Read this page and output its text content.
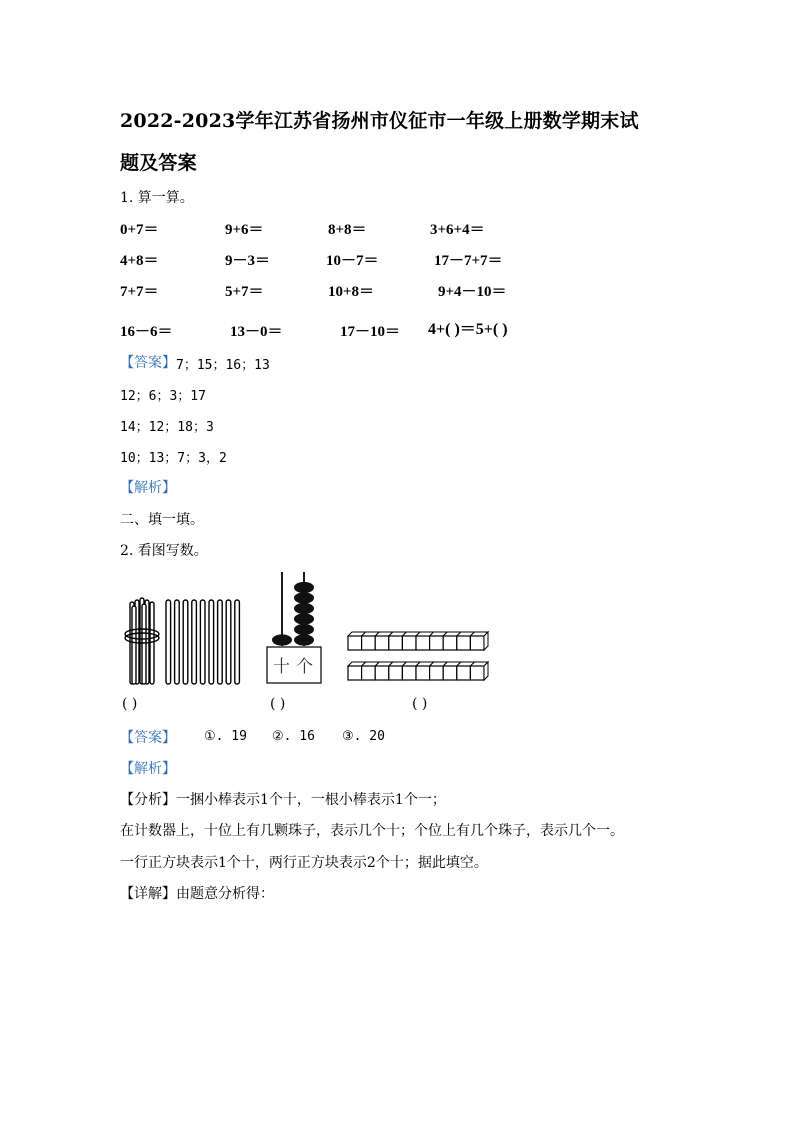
2022-2023学年江苏省扬州市仪征市一年级上册数学期末试
题及答案
1. 算一算。
0+7＝	9+6＝	8+8＝	3+6+4＝
4+8＝	9－3＝	10－7＝	17－7+7＝
7+7＝	5+7＝	10+8＝	9+4－10＝
16－6＝	13－0＝	17－10＝ 4+( )＝5+( )
【答案】 7；15；16；13
12；6；3；17
14；12；18；3
10；13；7；3，2
【解析】
二、填一填。
2. 看图写数。
十 个
( )	( )	( )
【答案】 ①. 19 ②. 16 ③. 20
【解析】
【分析】一捆小棒表示1个十，一根小棒表示1个一；
在计数器上，十位上有几颗珠子，表示几个十；个位上有几个珠子，表示几个一。
一行正方块表示1个十，两行正方块表示2个十；据此填空。
【详解】由题意分析得：
